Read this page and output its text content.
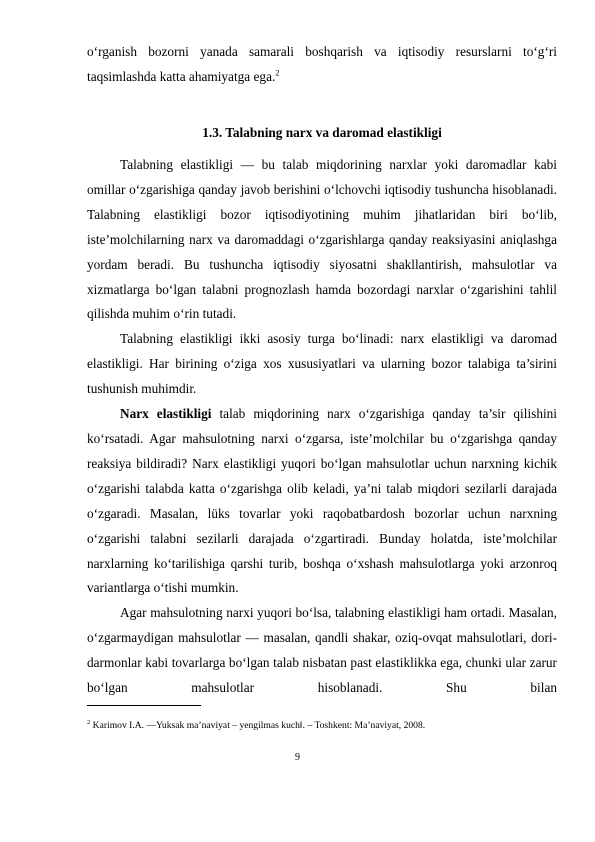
o‘rganish bozorni yanada samarali boshqarish va iqtisodiy resurslarni to‘g‘ri taqsimlashda katta ahamiyatga ega.$^2$

1.3. Talabning narx va daromad elastikligi

Talabning elastikligi — bu talab miqdorining narxlar yoki daromadlar kabi omillar o‘zgarishiga qanday javob berishini o‘lchovchi iqtisodiy tushuncha hisoblanadi. Talabning elastikligi bozor iqtisodiyotining muhim jihatlaridan biri bo‘lib, iste’molchilarning narx va daromaddagi o‘zgarishlarga qanday reaksiyasini aniqlashga yordam beradi. Bu tushuncha iqtisodiy siyosatni shakllantirish, mahsulotlar va xizmatlarga bo‘lgan talabni prognozlash hamda bozordagi narxlar o‘zgarishini tahlil qilishda muhim o‘rin tutadi.

Talabning elastikligi ikki asosiy turga bo‘linadi: narx elastikligi va daromad elastikligi. Har birining o‘ziga xos xususiyatlari va ularning bozor talabiga ta’sirini tushunish muhimdir.

Narx elastikligi talab miqdorining narx o‘zgarishiga qanday ta’sir qilishini ko‘rsatadi. Agar mahsulotning narxi o‘zgarsa, iste’molchilar bu o‘zgarishga qanday reaksiya bildiradi? Narx elastikligi yuqori bo‘lgan mahsulotlar uchun narxning kichik o‘zgarishi talabda katta o‘zgarishga olib keladi, ya’ni talab miqdori sezilarli darajada o‘zgaradi. Masalan, lüks tovarlar yoki raqobatbardosh bozorlar uchun narxning o‘zgarishi talabni sezilarli darajada o‘zgartiradi. Bunday holatda, iste’molchilar narxlarning ko‘tarilishiga qarshi turib, boshqa o‘xshash mahsulotlarga yoki arzonroq variantlarga o‘tishi mumkin.

Agar mahsulotning narxi yuqori bo‘lsa, talabning elastikligi ham ortadi. Masalan, o‘zgarmaydigan mahsulotlar — masalan, qandli shakar, oziq-ovqat mahsulotlari, dori-darmonlar kabi tovarlarga bo‘lgan talab nisbatan past elastiklikka ega, chunki ular zarur bo‘lgan mahsulotlar hisoblanadi. Shu bilan

$^2$ Karimov I.A. ―Yuksak ma’naviyat – yengilmas kuch‖. – Toshkent: Ma’naviyat, 2008.

9
